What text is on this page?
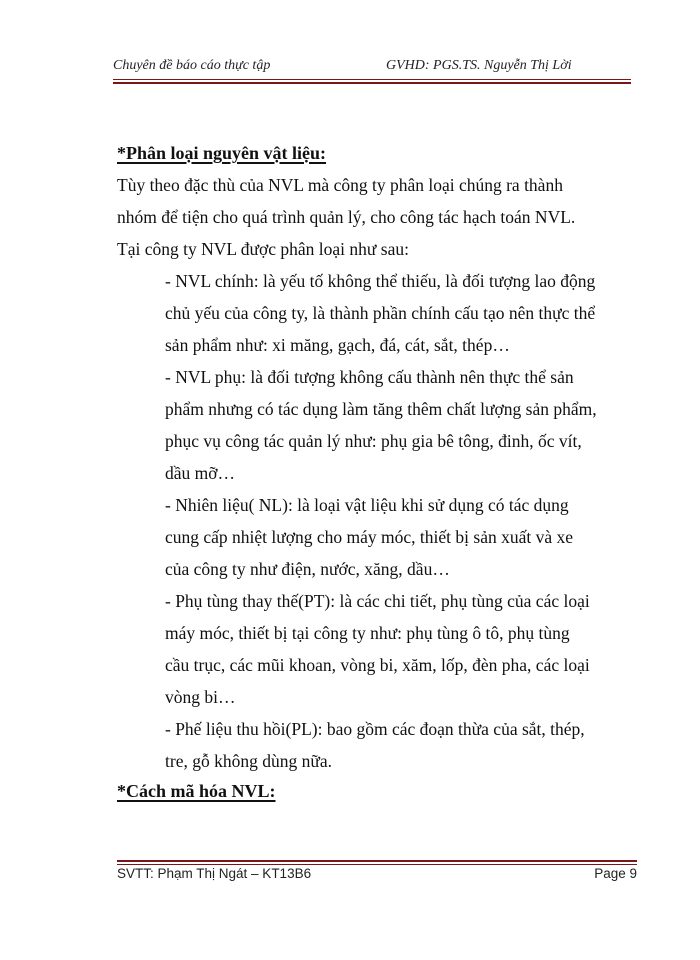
Chuyên đề báo cáo thực tập	GVHD: PGS.TS. Nguyễn Thị Lời
*Phân loại nguyên vật liệu:
Tùy theo đặc thù của NVL mà công ty phân loại chúng ra thành
nhóm để tiện cho quá trình quản lý, cho công tác hạch toán NVL.
Tại công ty NVL được phân loại như sau:
- NVL chính: là yếu tố không thể thiếu, là đối tượng lao động
chủ yếu của công ty, là thành phần chính cấu tạo nên thực thể
sản phẩm như: xi măng, gạch, đá, cát, sắt, thép…
- NVL phụ: là đối tượng không cấu thành nên thực thể sản
phẩm nhưng có tác dụng làm tăng thêm chất lượng sản phẩm,
phục vụ công tác quản lý như: phụ gia bê tông, đinh, ốc vít,
dầu mỡ…
- Nhiên liệu( NL): là loại vật liệu khi sử dụng có tác dụng
cung cấp nhiệt lượng cho máy móc, thiết bị sản xuất và xe
của công ty như điện, nước, xăng, dầu…
- Phụ tùng thay thế(PT): là các chi tiết, phụ tùng của các loại
máy móc, thiết bị tại công ty như: phụ tùng ô tô, phụ tùng
cầu trục, các mũi khoan, vòng bi, xăm, lốp, đèn pha, các loại
vòng bi…
- Phế liệu thu hồi(PL): bao gồm các đoạn thừa của sắt, thép,
tre, gỗ không dùng nữa.
*Cách mã hóa NVL:
SVTT: Phạm Thị Ngát – KT13B6	Page 9
